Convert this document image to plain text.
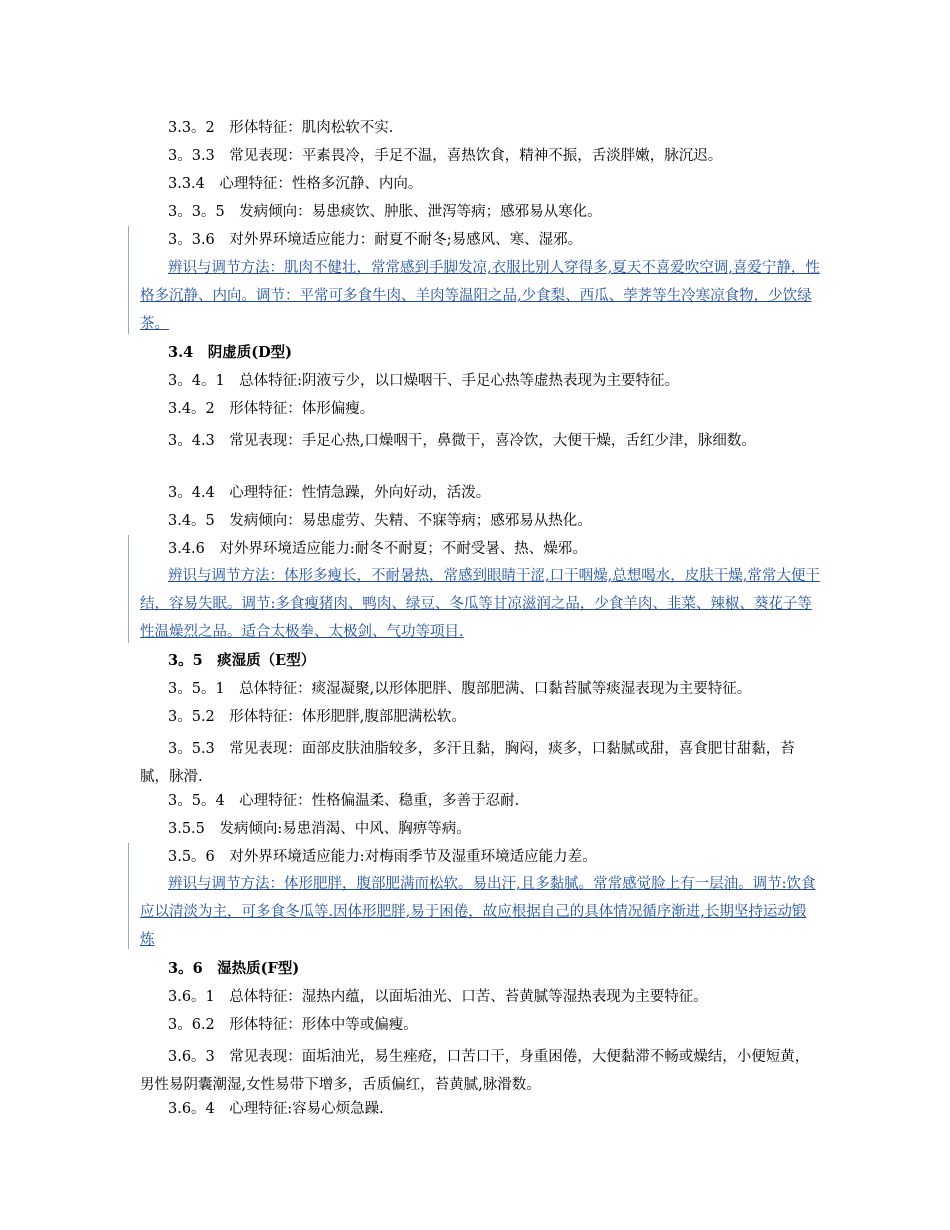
3.3。2　形体特征：肌肉松软不实.
3。3.3　常见表现：平素畏冷，手足不温，喜热饮食，精神不振，舌淡胖嫩，脉沉迟。
3.3.4　心理特征：性格多沉静、内向。
3。3。5　发病倾向：易患痰饮、肿胀、泄泻等病；感邪易从寒化。
3。3.6　对外界环境适应能力：耐夏不耐冬;易感风、寒、湿邪。
辨识与调节方法：肌肉不健壮，常常感到手脚发凉,衣服比别人穿得多,夏天不喜爱吹空调,喜爱宁静，性格多沉静、内向。调节：平常可多食牛肉、羊肉等温阳之品,少食梨、西瓜、荸荠等生冷寒凉食物，少饮绿茶。
3.4　阴虚质(D型)
3。4。1　总体特征:阴液亏少，以口燥咽干、手足心热等虚热表现为主要特征。
3.4。2　形体特征：体形偏瘦。
3。4.3　常见表现：手足心热,口燥咽干，鼻微干，喜冷饮，大便干燥，舌红少津，脉细数。
3。4.4　心理特征：性情急躁，外向好动，活泼。
3.4。5　发病倾向：易患虚劳、失精、不寐等病；感邪易从热化。
3.4.6　对外界环境适应能力:耐冬不耐夏；不耐受暑、热、燥邪。
辨识与调节方法：体形多瘦长，不耐暑热，常感到眼睛干涩,口干咽燥,总想喝水，皮肤干燥,常常大便干结，容易失眠。调节:多食瘦猪肉、鸭肉、绿豆、冬瓜等甘凉滋润之品，少食羊肉、韭菜、辣椒、葵花子等性温燥烈之品。适合太极拳、太极剑、气功等项目.
3。5　痰湿质（E型）
3。5。1　总体特征：痰湿凝聚,以形体肥胖、腹部肥满、口黏苔腻等痰湿表现为主要特征。
3。5.2　形体特征：体形肥胖,腹部肥满松软。
3。5.3　常见表现：面部皮肤油脂较多，多汗且黏，胸闷，痰多，口黏腻或甜，喜食肥甘甜黏，苔腻，脉滑.
3。5。4　心理特征：性格偏温柔、稳重，多善于忍耐.
3.5.5　发病倾向:易患消渴、中风、胸痹等病。
3.5。6　对外界环境适应能力:对梅雨季节及湿重环境适应能力差。
辨识与调节方法：体形肥胖，腹部肥满而松软。易出汗,且多黏腻。常常感觉脸上有一层油。调节:饮食应以清淡为主，可多食冬瓜等.因体形肥胖,易于困倦，故应根据自己的具体情况循序渐进,长期坚持运动锻炼
3。6　湿热质(F型)
3.6。1　总体特征：湿热内蕴，以面垢油光、口苦、苔黄腻等湿热表现为主要特征。
3。6.2　形体特征：形体中等或偏瘦。
3.6。3　常见表现：面垢油光，易生痤疮，口苦口干，身重困倦，大便黏滞不畅或燥结，小便短黄，男性易阴囊潮湿,女性易带下增多，舌质偏红，苔黄腻,脉滑数。
3.6。4　心理特征:容易心烦急躁.
